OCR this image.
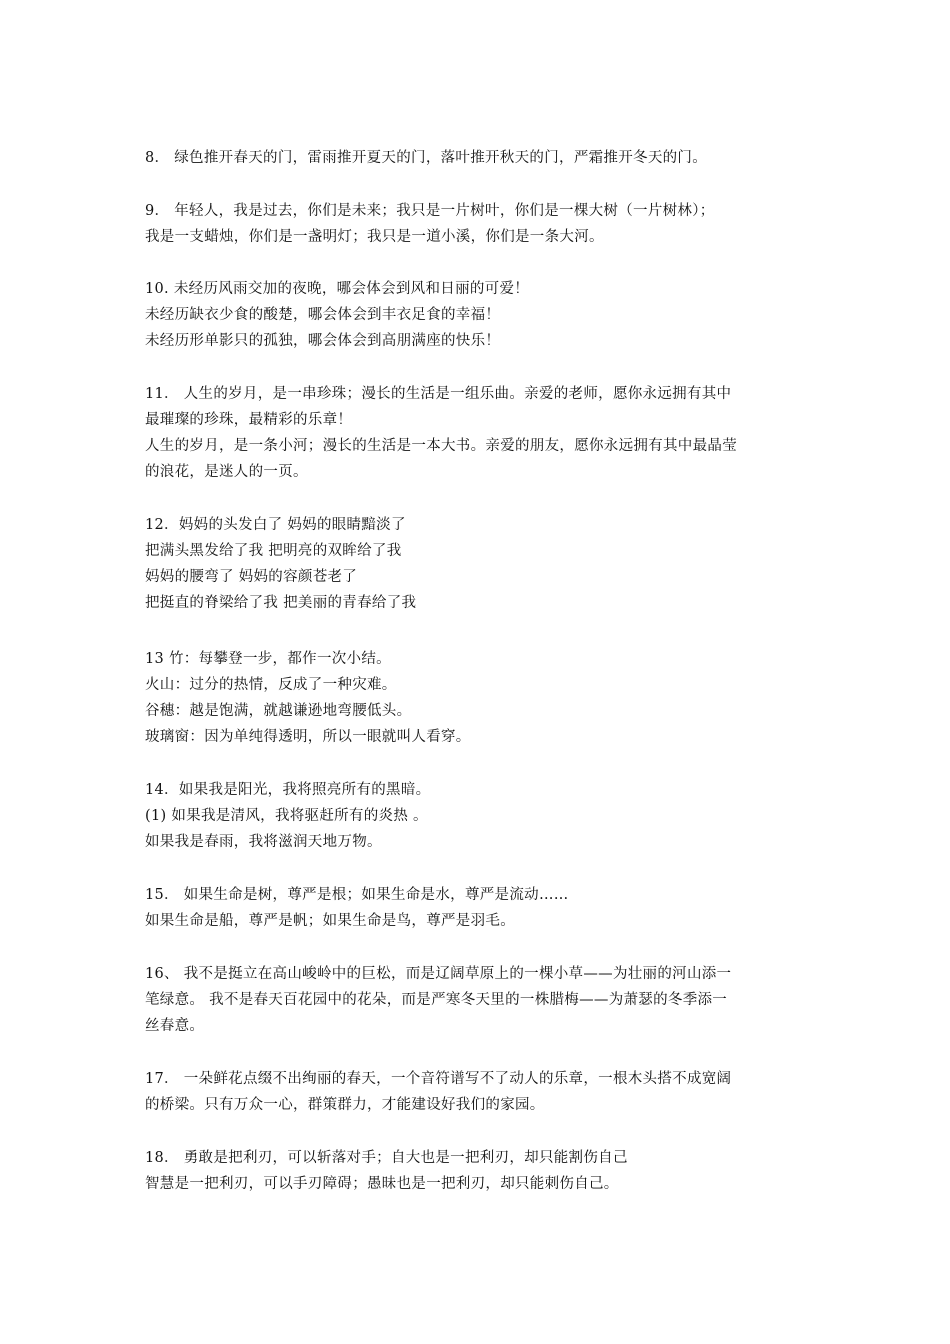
8． 绿色推开春天的门，雷雨推开夏天的门，落叶推开秋天的门，严霜推开冬天的门。
9． 年轻人，我是过去，你们是未来；我只是一片树叶，你们是一棵大树（一片树林）；
我是一支蜡烛，你们是一盏明灯；我只是一道小溪，你们是一条大河。
10. 未经历风雨交加的夜晚，哪会体会到风和日丽的可爱！
未经历缺衣少食的酸楚，哪会体会到丰衣足食的幸福！
未经历形单影只的孤独，哪会体会到高朋满座的快乐！
11． 人生的岁月，是一串珍珠；漫长的生活是一组乐曲。亲爱的老师，愿你永远拥有其中
最璀璨的珍珠，最精彩的乐章！
人生的岁月，是一条小河；漫长的生活是一本大书。亲爱的朋友，愿你永远拥有其中最晶莹
的浪花，是迷人的一页。
12．妈妈的头发白了 妈妈的眼睛黯淡了
把满头黑发给了我 把明亮的双眸给了我
妈妈的腰弯了 妈妈的容颜苍老了
把挺直的脊梁给了我 把美丽的青春给了我
13 竹：每攀登一步，都作一次小结。
火山：过分的热情，反成了一种灾难。
谷穗：越是饱满，就越谦逊地弯腰低头。
玻璃窗：因为单纯得透明，所以一眼就叫人看穿。
14．如果我是阳光，我将照亮所有的黑暗。
(1) 如果我是清风，我将驱赶所有的炎热 。
如果我是春雨，我将滋润天地万物。
15． 如果生命是树，尊严是根；如果生命是水，尊严是流动……
如果生命是船，尊严是帆；如果生命是鸟，尊严是羽毛。
16、 我不是挺立在高山峻岭中的巨松，而是辽阔草原上的一棵小草——为壮丽的河山添一
笔绿意。 我不是春天百花园中的花朵，而是严寒冬天里的一株腊梅——为萧瑟的冬季添一
丝春意。
17． 一朵鲜花点缀不出绚丽的春天，一个音符谱写不了动人的乐章，一根木头搭不成宽阔
的桥梁。只有万众一心，群策群力，才能建设好我们的家园。
18． 勇敢是把利刃，可以斩落对手；自大也是一把利刃，却只能割伤自己
智慧是一把利刃，可以手刃障碍；愚昧也是一把利刃，却只能刺伤自己。
